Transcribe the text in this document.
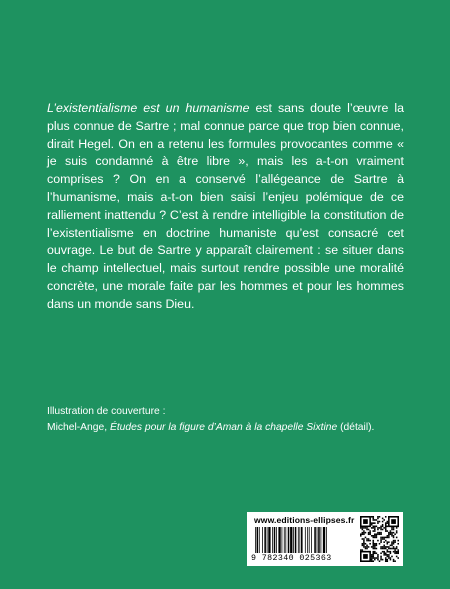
L’existentialisme est un humanisme est sans doute l’œuvre la plus connue de Sartre ; mal connue parce que trop bien connue, dirait Hegel. On en a retenu les formules provocantes comme « je suis condamné à être libre », mais les a-t-on vraiment comprises ? On en a conservé l’allégeance de Sartre à l’humanisme, mais a-t-on bien saisi l’enjeu polémique de ce ralliement inattendu ? C’est à rendre intelligible la constitution de l’existentialisme en doctrine humaniste qu’est consacré cet ouvrage. Le but de Sartre y apparaît clairement : se situer dans le champ intellectuel, mais surtout rendre possible une moralité concrète, une morale faite par les hommes et pour les hommes dans un monde sans Dieu.

Illustration de couverture :

Michel-Ange, Études pour la figure d’Aman à la chapelle Sixtine (détail).

www.editions-ellipses.fr
9 782340 025363
